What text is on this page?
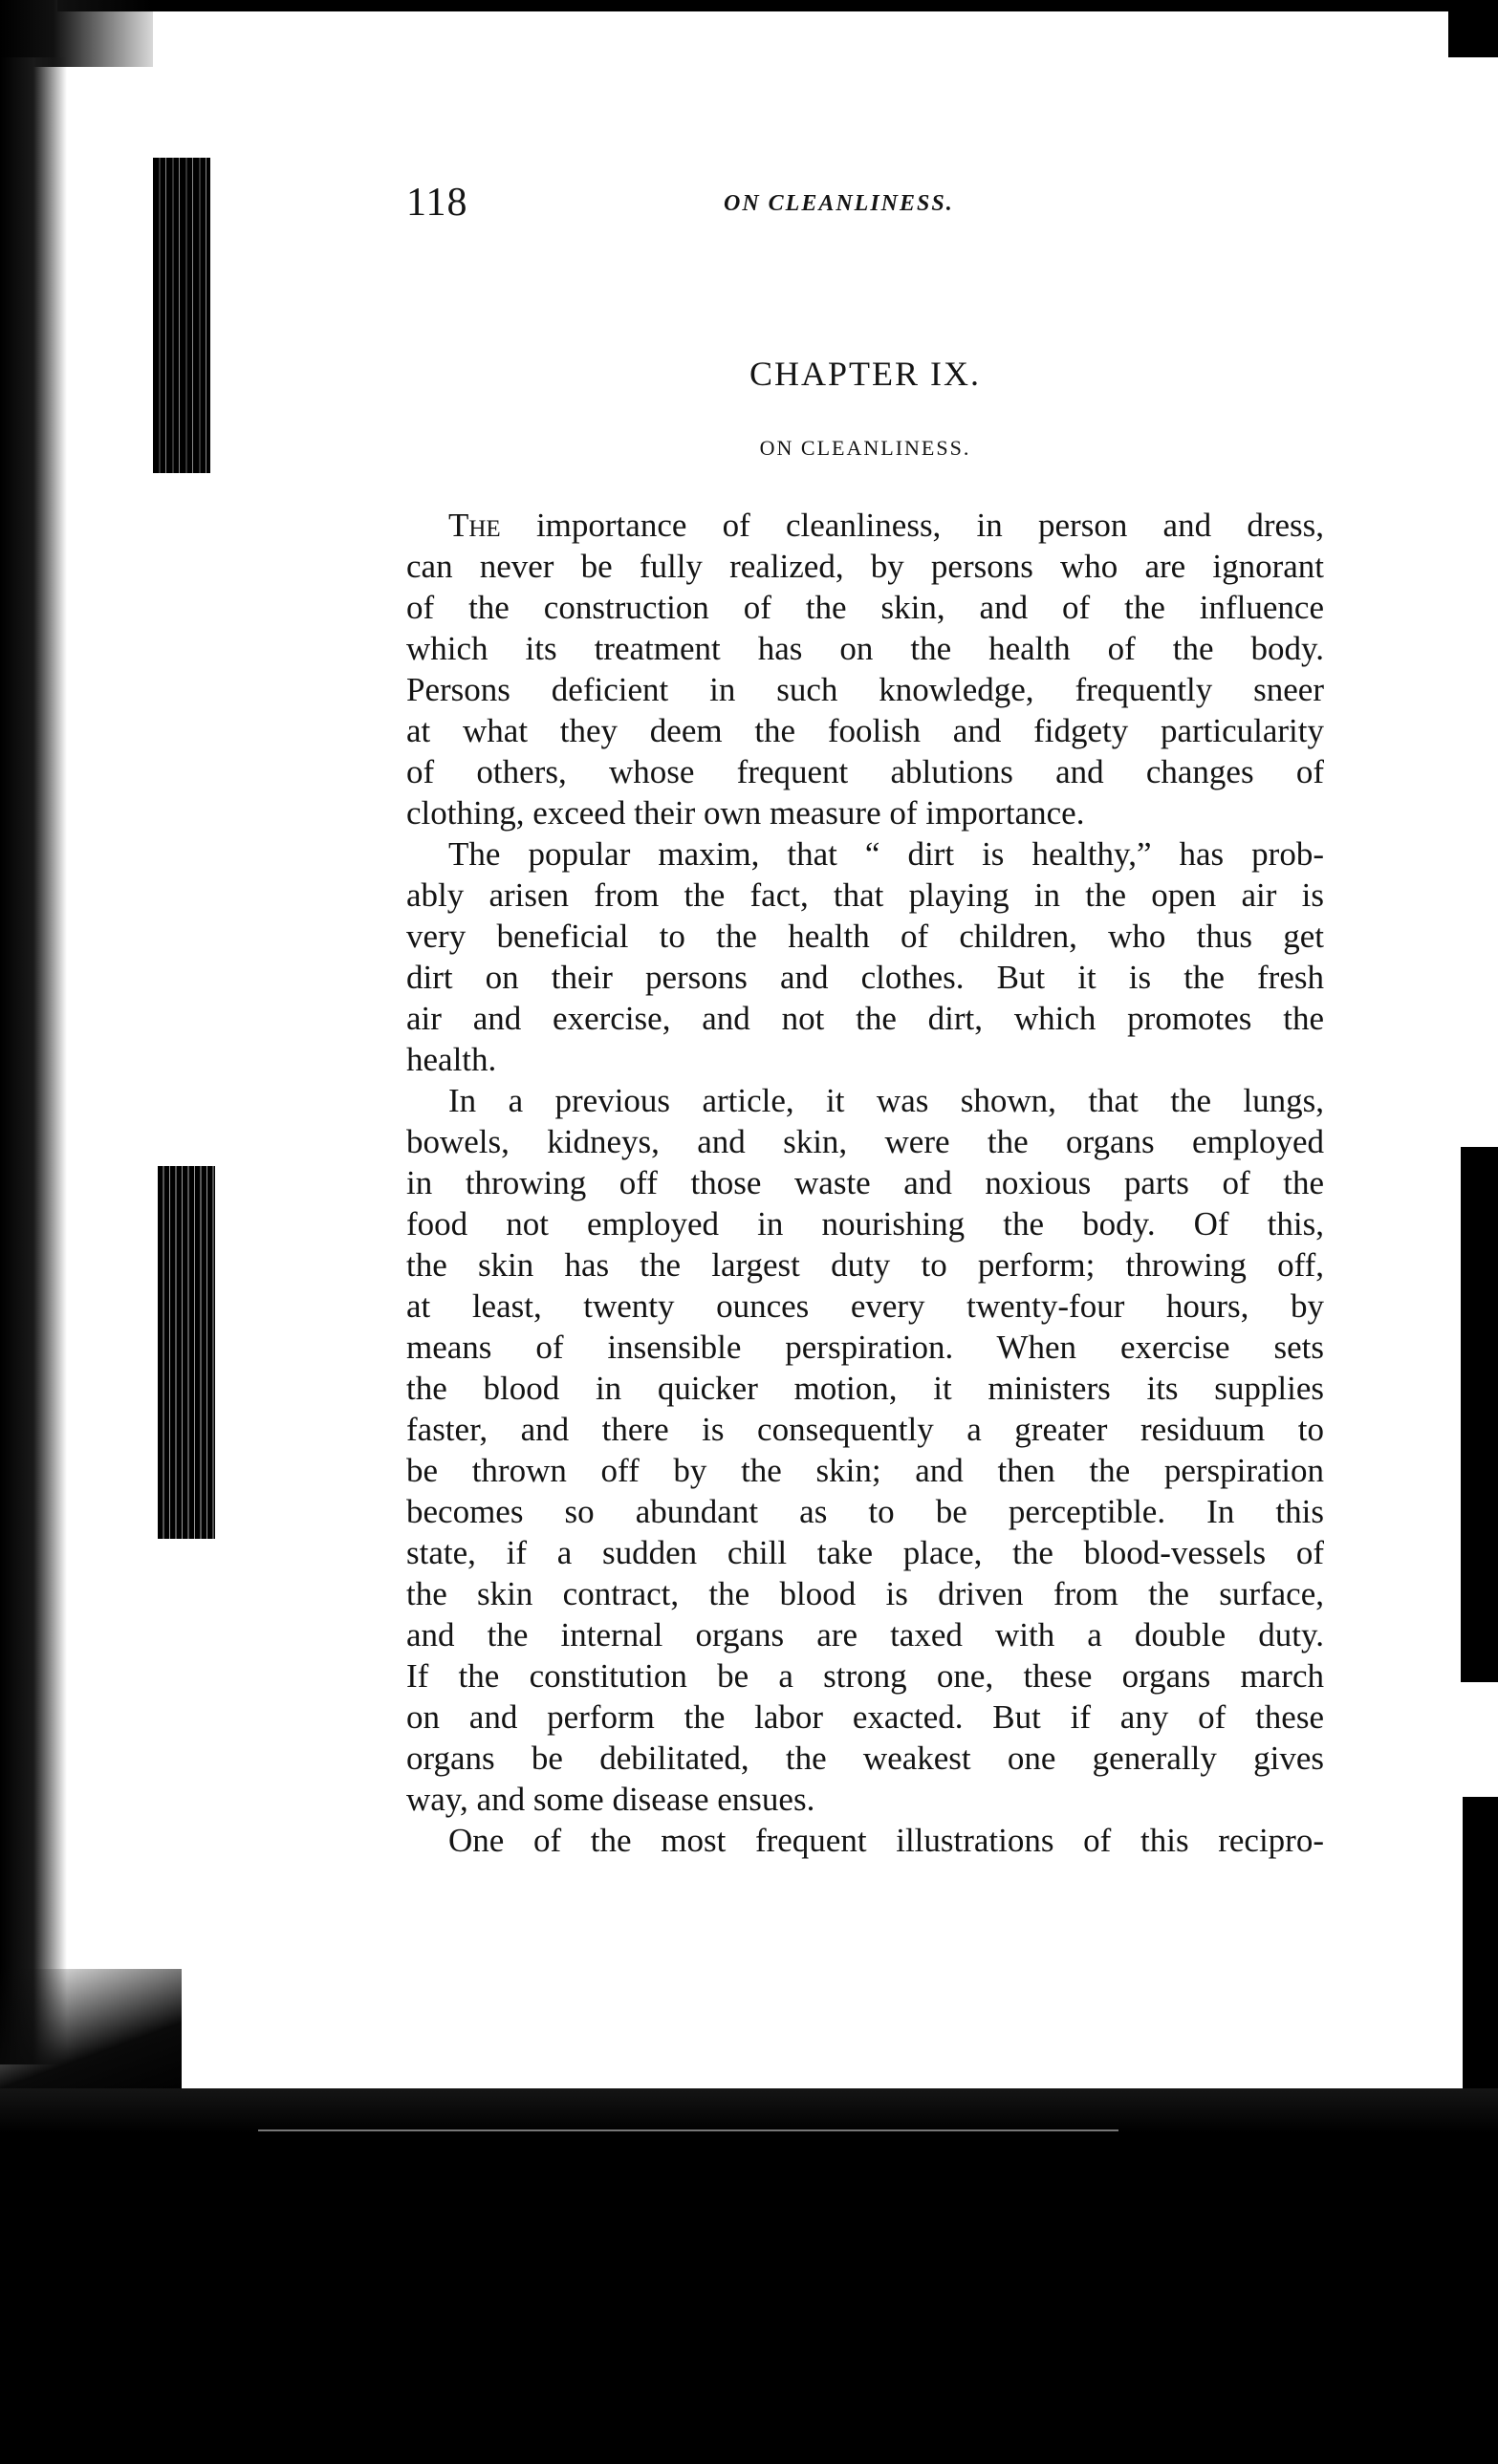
118	ON CLEANLINESS.
CHAPTER IX.
ON CLEANLINESS.
The importance of cleanliness, in person and dress,
can never be fully realized, by persons who are ignorant
of the construction of the skin, and of the influence
which its treatment has on the health of the body.
Persons deficient in such knowledge, frequently sneer
at what they deem the foolish and fidgety particularity
of others, whose frequent ablutions and changes of
clothing, exceed their own measure of importance.
The popular maxim, that “ dirt is healthy,” has prob-
ably arisen from the fact, that playing in the open air is
very beneficial to the health of children, who thus get
dirt on their persons and clothes. But it is the fresh
air and exercise, and not the dirt, which promotes the
health.
In a previous article, it was shown, that the lungs,
bowels, kidneys, and skin, were the organs employed
in throwing off those waste and noxious parts of the
food not employed in nourishing the body. Of this,
the skin has the largest duty to perform; throwing off,
at least, twenty ounces every twenty-four hours, by
means of insensible perspiration. When exercise sets
the blood in quicker motion, it ministers its supplies
faster, and there is consequently a greater residuum to
be thrown off by the skin; and then the perspiration
becomes so abundant as to be perceptible. In this
state, if a sudden chill take place, the blood-vessels of
the skin contract, the blood is driven from the surface,
and the internal organs are taxed with a double duty.
If the constitution be a strong one, these organs march
on and perform the labor exacted. But if any of these
organs be debilitated, the weakest one generally gives
way, and some disease ensues.
One of the most frequent illustrations of this recipro-
